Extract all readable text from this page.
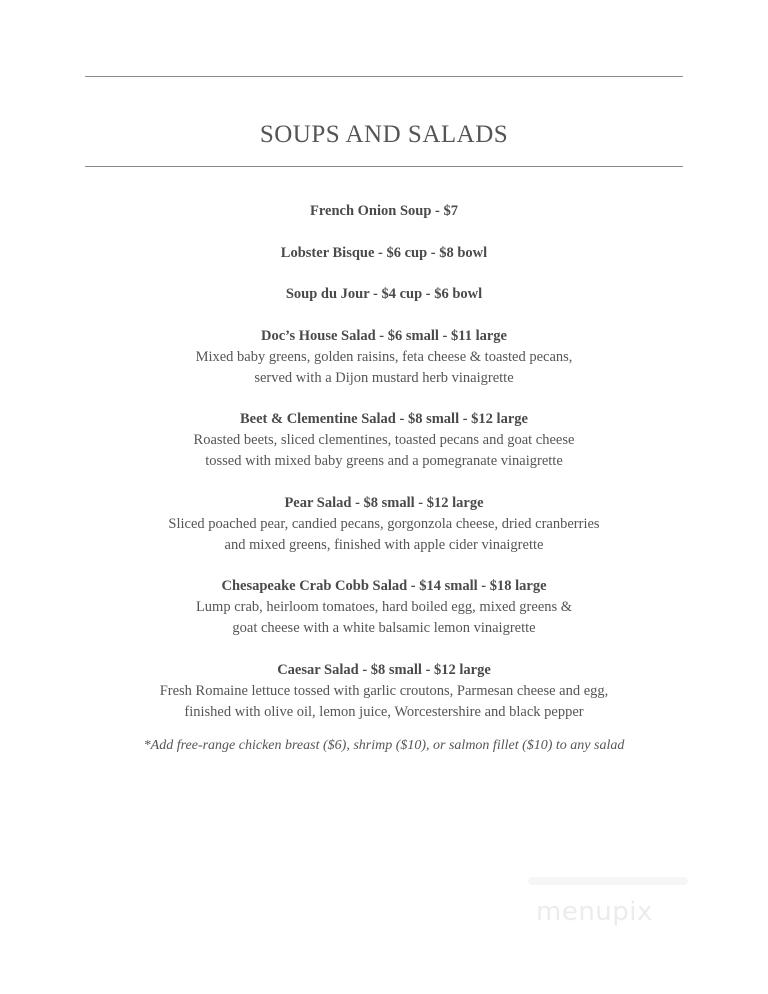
SOUPS AND SALADS
French Onion Soup - $7
Lobster Bisque - $6 cup - $8 bowl
Soup du Jour - $4 cup - $6 bowl
Doc’s House Salad - $6 small - $11 large
Mixed baby greens, golden raisins, feta cheese & toasted pecans,
served with a Dijon mustard herb vinaigrette
Beet & Clementine Salad - $8 small - $12 large
Roasted beets, sliced clementines, toasted pecans and goat cheese
tossed with mixed baby greens and a pomegranate vinaigrette
Pear Salad - $8 small - $12 large
Sliced poached pear, candied pecans, gorgonzola cheese, dried cranberries
and mixed greens, finished with apple cider vinaigrette
Chesapeake Crab Cobb Salad - $14 small - $18 large
Lump crab, heirloom tomatoes, hard boiled egg, mixed greens &
goat cheese with a white balsamic lemon vinaigrette
Caesar Salad - $8 small - $12 large
Fresh Romaine lettuce tossed with garlic croutons, Parmesan cheese and egg,
finished with olive oil, lemon juice, Worcestershire and black pepper
*Add free-range chicken breast ($6), shrimp ($10), or salmon fillet ($10) to any salad
menupix
